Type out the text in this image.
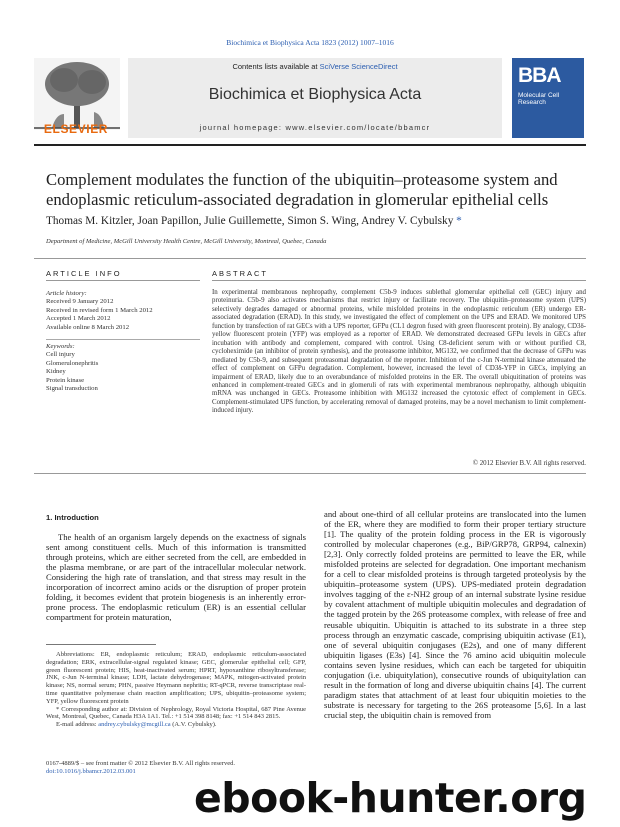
Biochimica et Biophysica Acta 1823 (2012) 1007–1016
Contents lists available at SciVerse ScienceDirect
Biochimica et Biophysica Acta
journal homepage: www.elsevier.com/locate/bbamcr
ELSEVIER
BBA
Molecular Cell Research
Complement modulates the function of the ubiquitin–proteasome system and endoplasmic reticulum-associated degradation in glomerular epithelial cells
Thomas M. Kitzler, Joan Papillon, Julie Guillemette, Simon S. Wing, Andrey V. Cybulsky *
Department of Medicine, McGill University Health Centre, McGill University, Montreal, Quebec, Canada
ARTICLE INFO
Article history:
Received 9 January 2012
Received in revised form 1 March 2012
Accepted 1 March 2012
Available online 8 March 2012
Keywords:
Cell injury
Glomerulonephritis
Kidney
Protein kinase
Signal transduction
ABSTRACT
In experimental membranous nephropathy, complement C5b-9 induces sublethal glomerular epithelial cell (GEC) injury and proteinuria. C5b-9 also activates mechanisms that restrict injury or facilitate recovery. The ubiquitin–proteasome system (UPS) selectively degrades damaged or abnormal proteins, while misfolded proteins in the endoplasmic reticulum (ER) undergo ER-associated degradation (ERAD). In this study, we investigated the effect of complement on the UPS and ERAD. We monitored UPS function by transfection of rat GECs with a UPS reporter, GFPu (CL1 degron fused with green fluorescent protein). By analogy, CD3δ-yellow fluorescent protein (YFP) was employed as a reporter of ERAD. We demonstrated decreased GFPu levels in GECs after incubation with antibody and complement, compared with control. Using C8-deficient serum with or without purified C8, cycloheximide (an inhibitor of protein synthesis), and the proteasome inhibitor, MG132, we confirmed that the decrease of GFPu was mediated by C5b-9, and subsequent proteasomal degradation of the reporter. Inhibition of the c-Jun N-terminal kinase attenuated the effect of complement on GFPu degradation. Complement, however, increased the level of CD3δ-YFP in GECs, implying an impairment of ERAD, likely due to an overabundance of misfolded proteins in the ER. The overall ubiquitination of proteins was enhanced in complement-treated GECs and in glomeruli of rats with experimental membranous nephropathy, although ubiquitin mRNA was unchanged in GECs. Proteasome inhibition with MG132 increased the cytotoxic effect of complement in GECs. Complement-stimulated UPS function, by accelerating removal of damaged proteins, may be a novel mechanism to limit complement-induced injury.
© 2012 Elsevier B.V. All rights reserved.
1. Introduction

The health of an organism largely depends on the exactness of signals sent among constituent cells. Much of this information is transmitted through proteins, which are either secreted from the cell, are embedded in the plasma membrane, or are part of the intracellular molecular network. Considering the high rate of translation, and that stress may result in the incorporation of incorrect amino acids or the disruption of proper protein folding, it becomes evident that protein biogenesis is an inherently error-prone process. The endoplasmic reticulum (ER) is an essential cellular compartment for protein maturation,

and about one-third of all cellular proteins are translocated into the lumen of the ER, where they are modified to form their proper tertiary structure [1]. The quality of the protein folding process in the ER is vigorously controlled by molecular chaperones (e.g., BiP/GRP78, GRP94, calnexin) [2,3]. Only correctly folded proteins are permitted to leave the ER, while misfolded proteins are selected for degradation. One important mechanism for a cell to clear misfolded proteins is through targeted proteolysis by the ubiquitin–proteasome system (UPS). UPS-mediated protein degradation involves tagging of the ε-NH2 group of an internal substrate lysine residue by covalent attachment of multiple ubiquitin molecules and degradation of the tagged protein by the 26S proteasome complex, with release of free and reusable ubiquitin. Ubiquitin is attached to its substrate in a three step process through an enzymatic cascade, comprising ubiquitin activase (E1), one of several ubiquitin conjugases (E2s), and one of many different ubiquitin ligases (E3s) [4]. Since the 76 amino acid ubiquitin molecule contains seven lysine residues, which can each be targeted for ubiquitin conjugation (i.e. ubiquitylation), consecutive rounds of ubiquitylation can result in the formation of long and diverse ubiquitin chains [4]. The current paradigm states that attachment of at least four ubiquitin moieties to the substrate is necessary for targeting to the 26S proteasome [5,6]. In a last crucial step, the ubiquitin chain is removed from

Abbreviations: ER, endoplasmic reticulum; ERAD, endoplasmic reticulum-associated degradation; ERK, extracellular-signal regulated kinase; GEC, glomerular epithelial cell; GFP, green fluorescent protein; HIS, heat-inactivated serum; HPRT, hypoxanthine ribosyltransferase; JNK, c-Jun N-terminal kinase; LDH, lactate dehydrogenase; MAPK, mitogen-activated protein kinase; NS, normal serum; PHN, passive Heymann nephritis; RT-qPCR, reverse transcriptase real-time quantitative polymerase chain reaction amplification; UPS, ubiquitin–proteasome system; YFP, yellow fluorescent protein

* Corresponding author at: Division of Nephrology, Royal Victoria Hospital, 687 Pine Avenue West, Montreal, Quebec, Canada H3A 1A1. Tel.: +1 514 398 8148; fax: +1 514 843 2815.

E-mail address: andrey.cybulsky@mcgill.ca (A.V. Cybulsky).

0167-4889/$ – see front matter © 2012 Elsevier B.V. All rights reserved.
doi:10.1016/j.bbamcr.2012.03.001
ebook-hunter.org
